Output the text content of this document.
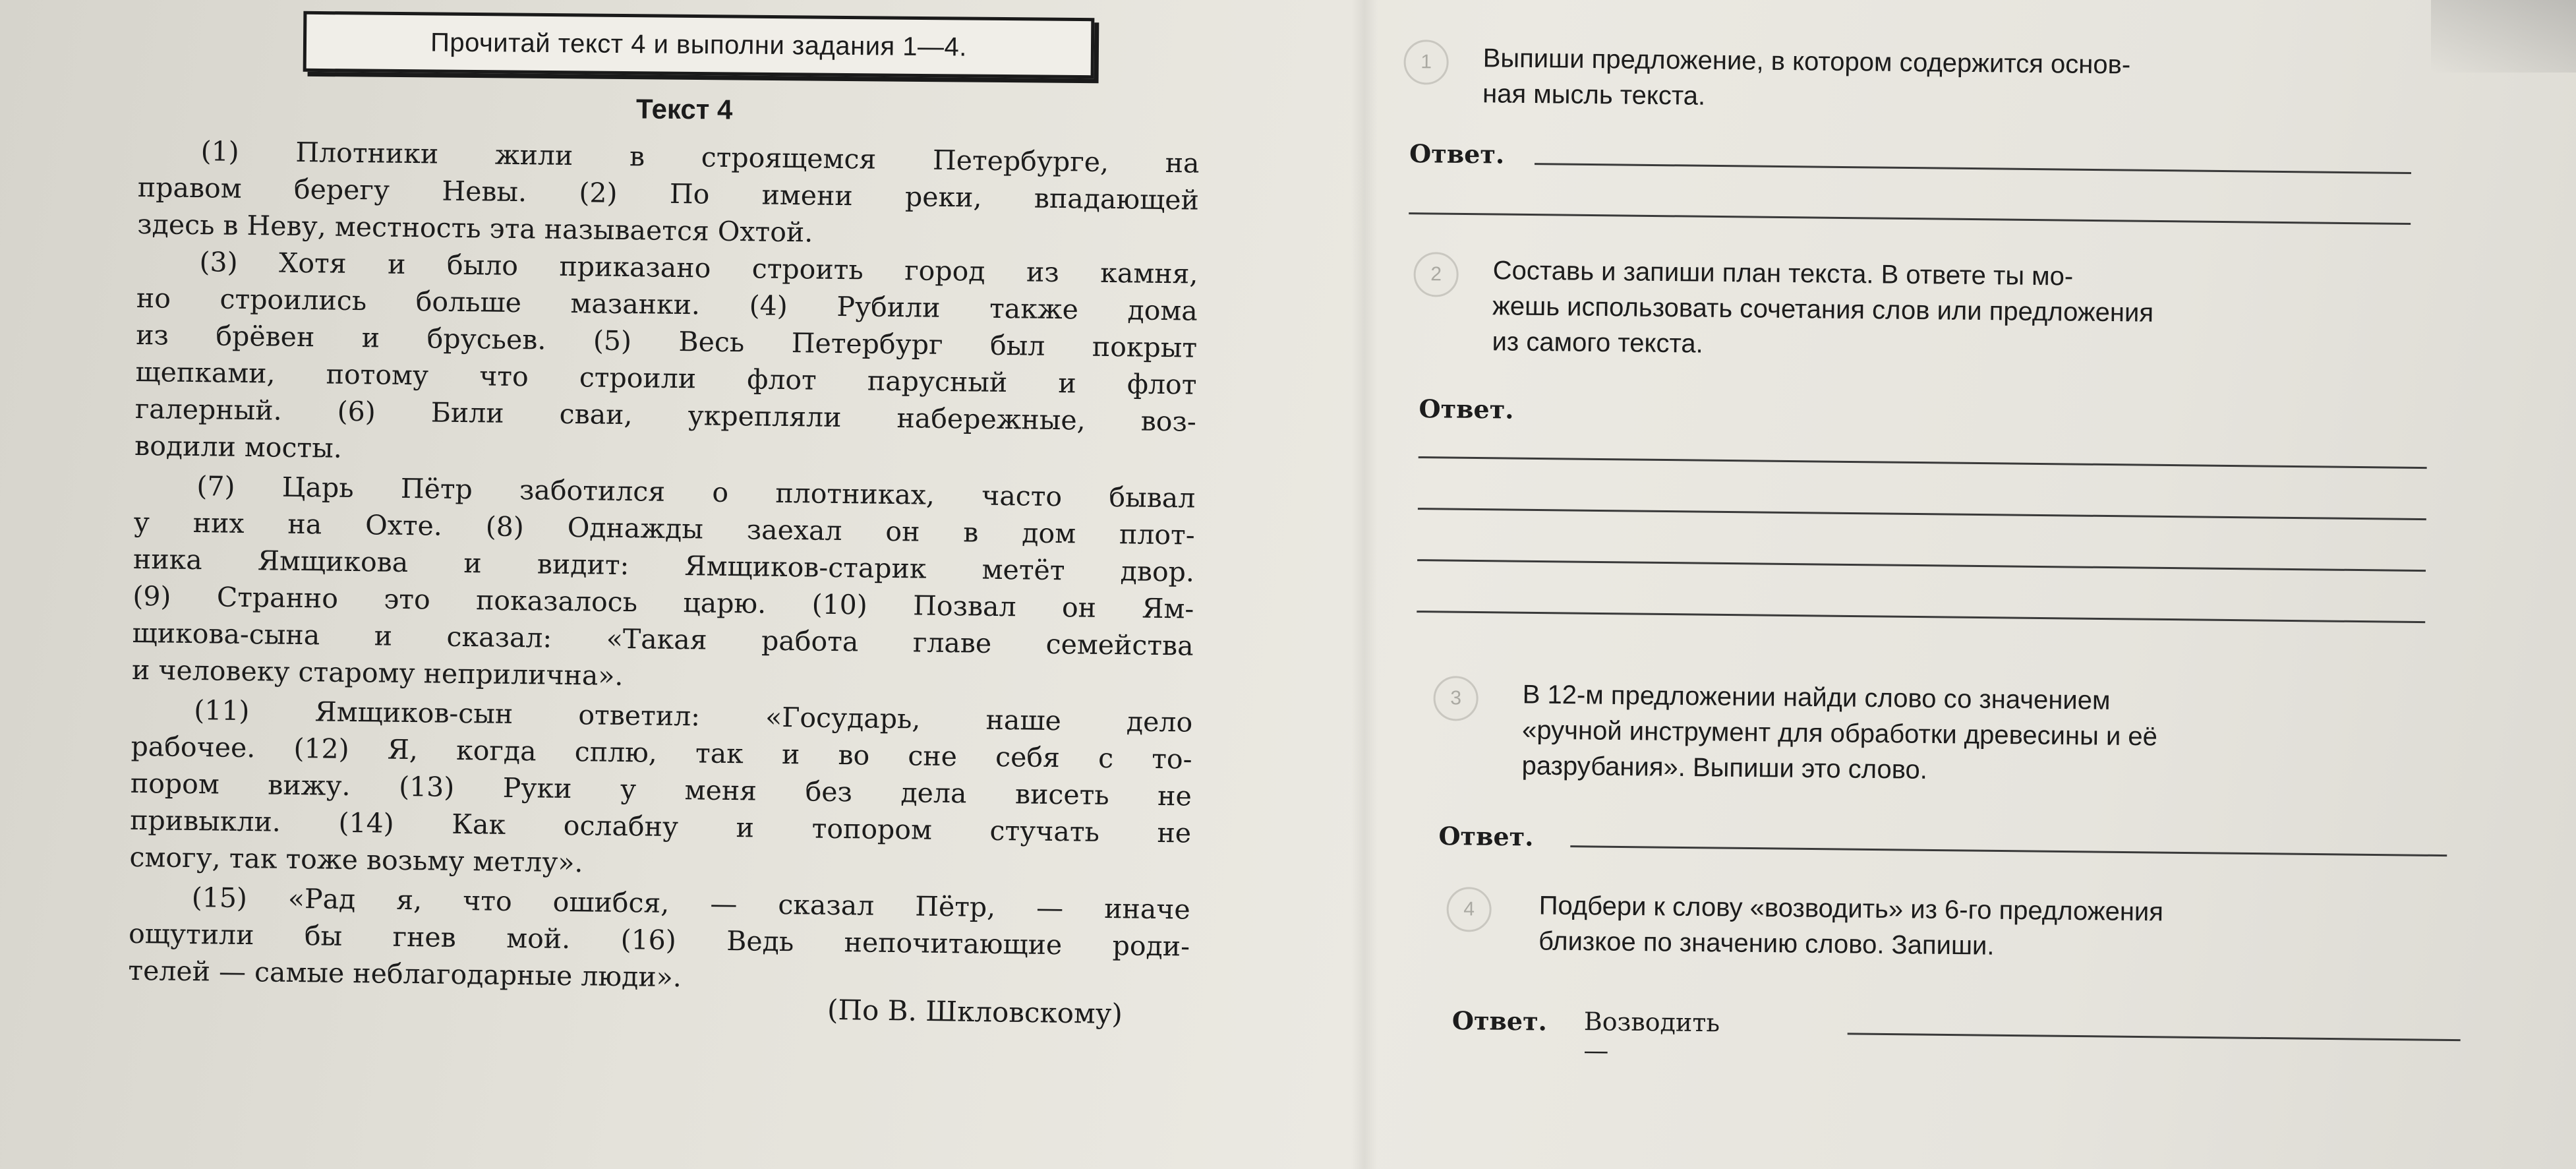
Прочитай текст 4 и выполни задания 1—4.
Текст 4
(1) Плотники жили в строящемся Петербурге, на
правом берегу Невы. (2) По имени реки, впадающей
здесь в Неву, местность эта называется Охтой.
(3) Хотя и было приказано строить город из камня,
но строились больше мазанки. (4) Рубили также дома
из брёвен и брусьев. (5) Весь Петербург был покрыт
щепками, потому что строили флот парусный и флот
галерный. (6) Били сваи, укрепляли набережные, воз-
водили мосты.
(7) Царь Пётр заботился о плотниках, часто бывал
у них на Охте. (8) Однажды заехал он в дом плот-
ника Ямщикова и видит: Ямщиков-старик метёт двор.
(9) Странно это показалось царю. (10) Позвал он Ям-
щикова-сына и сказал: «Такая работа главе семейства
и человеку старому неприлична».
(11) Ямщиков-сын ответил: «Государь, наше дело
рабочее. (12) Я, когда сплю, так и во сне себя с то-
пором вижу. (13) Руки у меня без дела висеть не
привыкли. (14) Как ослабну и топором стучать не
смогу, так тоже возьму метлу».
(15) «Рад я, что ошибся, — сказал Пётр, — иначе
ощутили бы гнев мой. (16) Ведь непочитающие роди-
телей — самые неблагодарные люди».
(По В. Шкловскому)
1	Выпиши предложение, в котором содержится основ-
ная мысль текста.
Ответ.
2	Составь и запиши план текста. В ответе ты мо-
жешь использовать сочетания слов или предложения
из самого текста.
Ответ.
3	В 12-м предложении найди слово со значением
«ручной инструмент для обработки древесины и её
разрубания». Выпиши это слово.
Ответ.
4	Подбери к слову «возводить» из 6-го предложения
близкое по значению слово. Запиши.
Ответ. Возводить —
